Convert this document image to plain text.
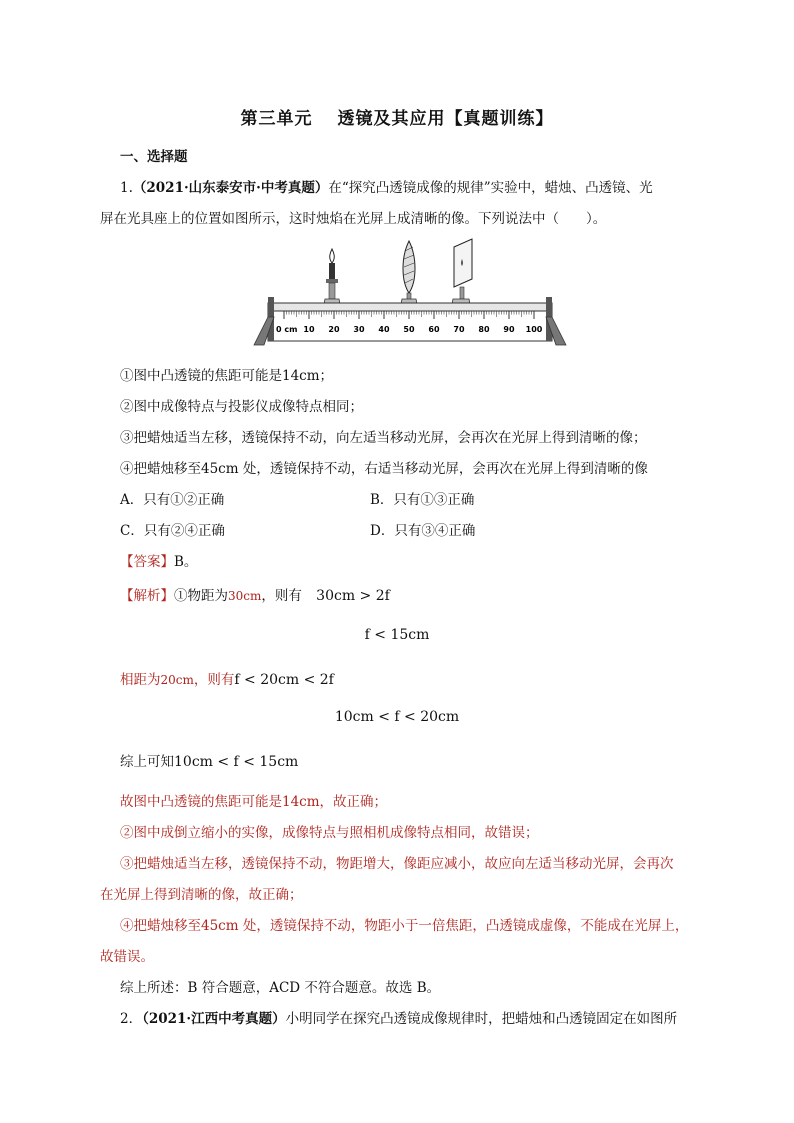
第三单元　 透镜及其应用【真题训练】
一、选择题
1.（2021·山东泰安市·中考真题）在“探究凸透镜成像的规律”实验中，蜡烛、凸透镜、光
屏在光具座上的位置如图所示，这时烛焰在光屏上成清晰的像。下列说法中（　　）。
0 cm 10 20 30 40 50 60 70 80 90 100
①图中凸透镜的焦距可能是14cm；
②图中成像特点与投影仪成像特点相同；
③把蜡烛适当左移，透镜保持不动，向左适当移动光屏，会再次在光屏上得到清晰的像；
④把蜡烛移至45cm 处，透镜保持不动，右适当移动光屏，会再次在光屏上得到清晰的像
A．只有①②正确	B．只有①③正确
C．只有②④正确	D．只有③④正确
【答案】B。
【解析】①物距为30cm，则有 30cm > 2f
f < 15cm
相距为20cm，则有f < 20cm < 2f
10cm < f < 20cm
综上可知10cm < f < 15cm
故图中凸透镜的焦距可能是14cm，故正确；
②图中成倒立缩小的实像，成像特点与照相机成像特点相同，故错误；
③把蜡烛适当左移，透镜保持不动，物距增大，像距应减小，故应向左适当移动光屏，会再次
在光屏上得到清晰的像，故正确；
④把蜡烛移至45cm 处，透镜保持不动，物距小于一倍焦距，凸透镜成虚像，不能成在光屏上，
故错误。
综上所述：B 符合题意，ACD 不符合题意。故选 B。
2．（2021·江西中考真题）小明同学在探究凸透镜成像规律时，把蜡烛和凸透镜固定在如图所
